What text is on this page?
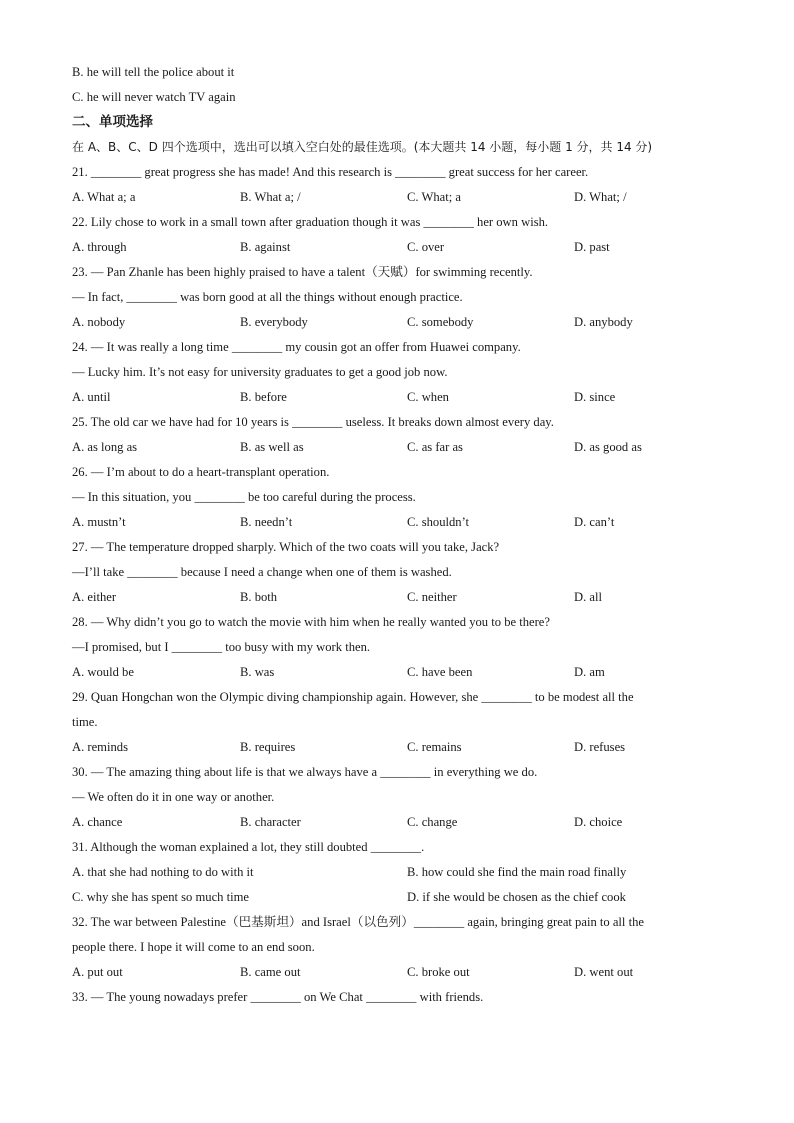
B. he will tell the police about it
C. he will never watch TV again
二、单项选择
在 A、B、C、D 四个选项中，选出可以填入空白处的最佳选项。(本大题共 14 小题，每小题 1 分，共 14 分)
21. ________ great progress she has made! And this research is ________ great success for her career.
A. What a; a	B. What a; /	C. What; a	D. What; /
22. Lily chose to work in a small town after graduation though it was ________ her own wish.
A. through	B. against	C. over	D. past
23. — Pan Zhanle has been highly praised to have a talent（天赋）for swimming recently.
— In fact, ________ was born good at all the things without enough practice.
A. nobody	B. everybody	C. somebody	D. anybody
24. — It was really a long time ________ my cousin got an offer from Huawei company.
— Lucky him. It’s not easy for university graduates to get a good job now.
A. until	B. before	C. when	D. since
25. The old car we have had for 10 years is ________ useless. It breaks down almost every day.
A. as long as	B. as well as	C. as far as	D. as good as
26. — I’m about to do a heart-transplant operation.
— In this situation, you ________ be too careful during the process.
A. mustn’t	B. needn’t	C. shouldn’t	D. can’t
27. — The temperature dropped sharply. Which of the two coats will you take, Jack?
—I’ll take ________ because I need a change when one of them is washed.
A. either	B. both	C. neither	D. all
28. — Why didn’t you go to watch the movie with him when he really wanted you to be there?
—I promised, but I ________ too busy with my work then.
A. would be	B. was	C. have been	D. am
29. Quan Hongchan won the Olympic diving championship again. However, she ________ to be modest all the
time.
A. reminds	B. requires	C. remains	D. refuses
30. — The amazing thing about life is that we always have a ________ in everything we do.
— We often do it in one way or another.
A. chance	B. character	C. change	D. choice
31. Although the woman explained a lot, they still doubted ________.
A. that she had nothing to do with it	B. how could she find the main road finally
C. why she has spent so much time	D. if she would be chosen as the chief cook
32. The war between Palestine（巴基斯坦）and Israel（以色列）________ again, bringing great pain to all the
people there. I hope it will come to an end soon.
A. put out	B. came out	C. broke out	D. went out
33. — The young nowadays prefer ________ on We Chat ________ with friends.
